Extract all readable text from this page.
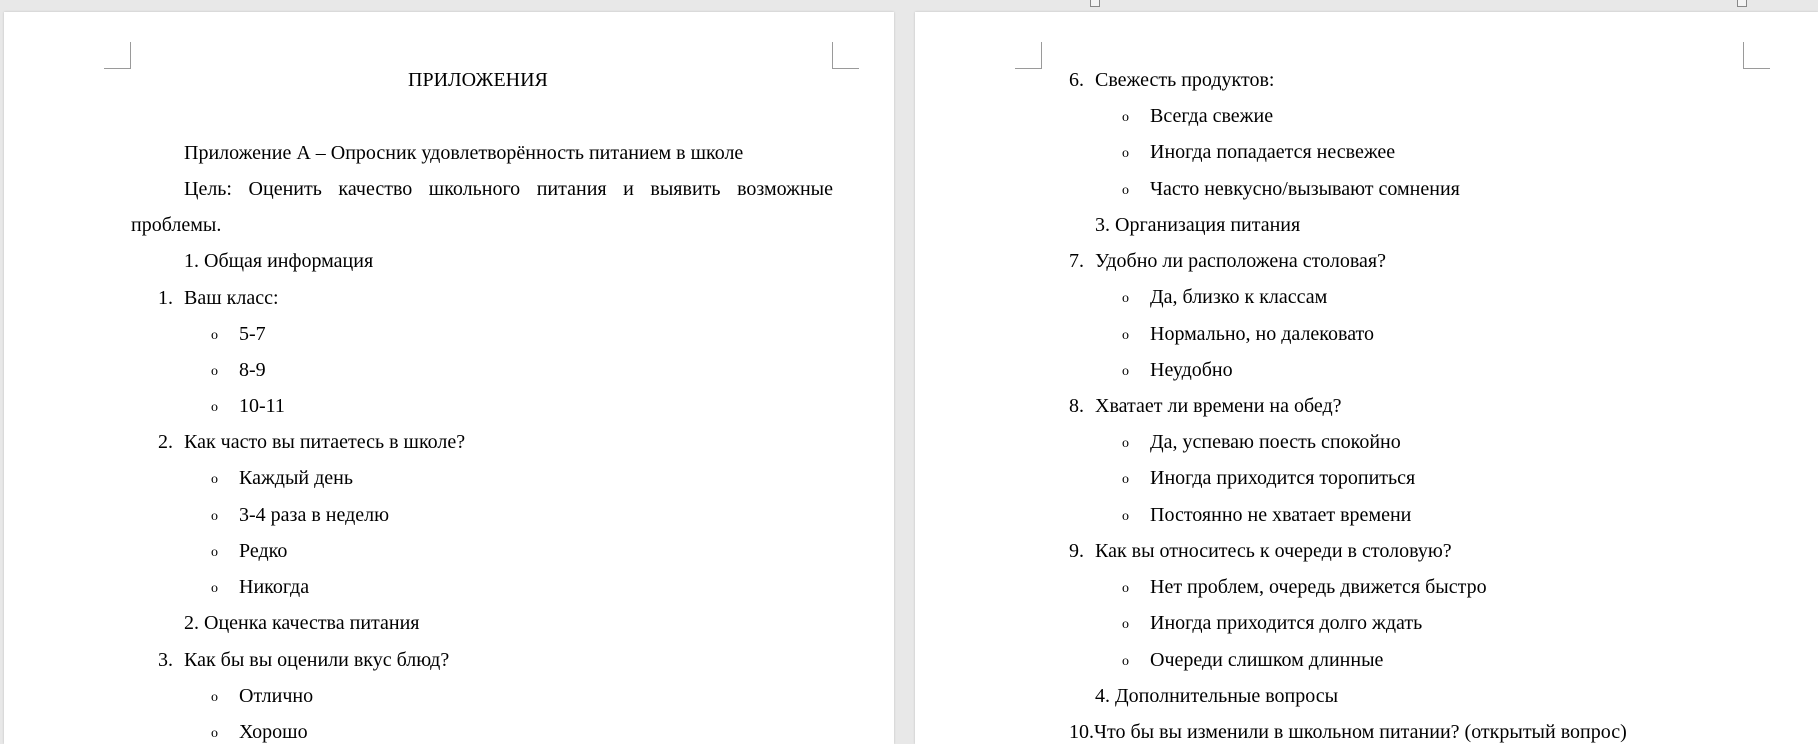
ПРИЛОЖЕНИЯ
Приложение А – Опросник удовлетворённость питанием в школе
Цель: Оценить качество школьного питания и выявить возможные
проблемы.
1. Общая информация
1. Ваш класс:
o 5-7
o 8-9
o 10-11
2. Как часто вы питаетесь в школе?
o Каждый день
o 3-4 раза в неделю
o Редко
o Никогда
2. Оценка качества питания
3. Как бы вы оценили вкус блюд?
o Отлично
o Хорошо
6. Свежесть продуктов:
o Всегда свежие
o Иногда попадается несвежее
o Часто невкусно/вызывают сомнения
3. Организация питания
7. Удобно ли расположена столовая?
o Да, близко к классам
o Нормально, но далековато
o Неудобно
8. Хватает ли времени на обед?
o Да, успеваю поесть спокойно
o Иногда приходится торопиться
o Постоянно не хватает времени
9. Как вы относитесь к очереди в столовую?
o Нет проблем, очередь движется быстро
o Иногда приходится долго ждать
o Очереди слишком длинные
4. Дополнительные вопросы
10.Что бы вы изменили в школьном питании? (открытый вопрос)
